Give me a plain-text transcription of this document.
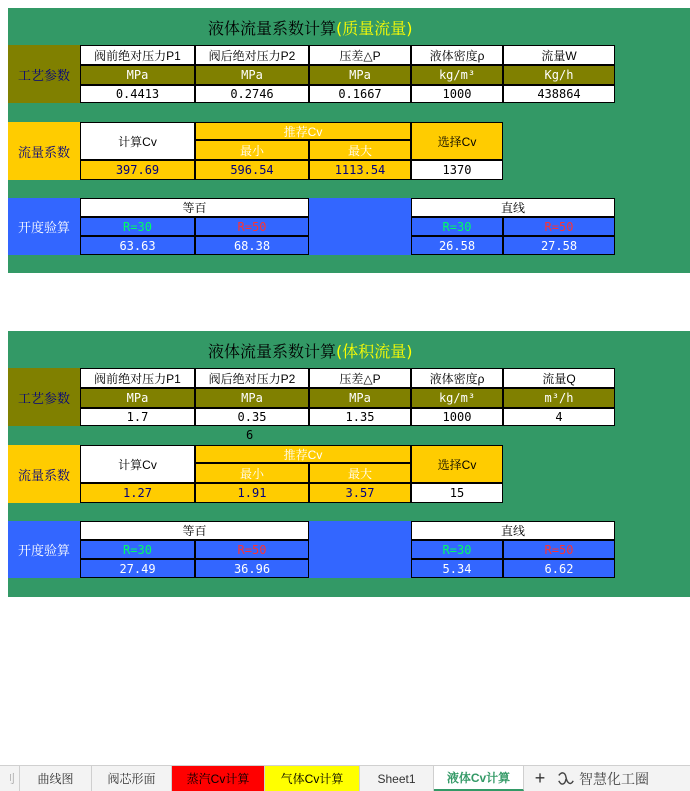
液体流量系数计算(质量流量)
工艺参数
阀前绝对压力P1	阀后绝对压力P2	压差△P	液体密度ρ	流量W
MPa	MPa	MPa	kg/m³	Kg/h
0.4413	0.2746	0.1667	1000	438864
流量系数
计算Cv
推荐Cv
最小	最大
选择Cv
397.69	596.54	1113.54	1370
开度验算
等百	直线
R=30	R=50	R=30	R=50
63.63	68.38	26.58	27.58
液体流量系数计算(体积流量)
工艺参数
阀前绝对压力P1	阀后绝对压力P2	压差△P	液体密度ρ	流量Q
MPa	MPa	MPa	kg/m³	m³/h
1.7	0.35	1.35	1000	4
6
流量系数
计算Cv
推荐Cv
最小	最大
选择Cv
1.27	1.91	3.57	15
开度验算
等百	直线
R=30	R=50	R=30	R=50
27.49	36.96	5.34	6.62
刂	曲线图	阀芯形面	蒸汽Cv计算	气体Cv计算	Sheet1	液体Cv计算	+	智慧化工圈
